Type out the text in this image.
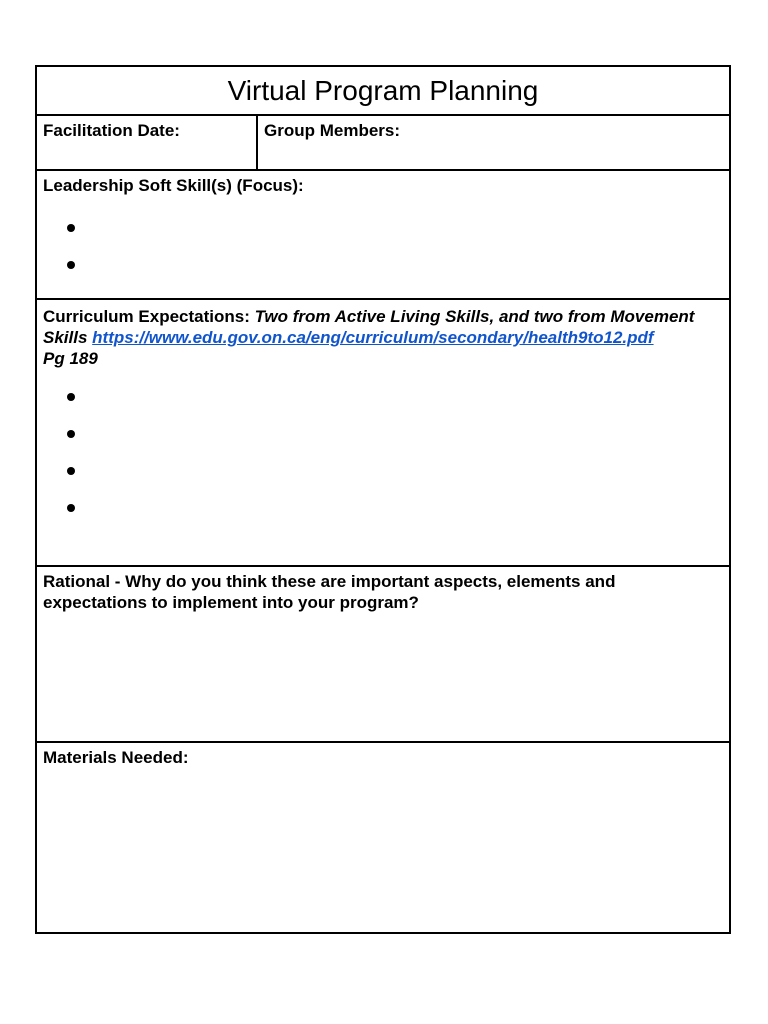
Virtual Program Planning
Facilitation Date:	Group Members:
Leadership Soft Skill(s) (Focus):
Curriculum Expectations: Two from Active Living Skills, and two from Movement
Skills https://www.edu.gov.on.ca/eng/curriculum/secondary/health9to12.pdf
Pg 189
Rational - Why do you think these are important aspects, elements and expectations to implement into your program?
Materials Needed:
